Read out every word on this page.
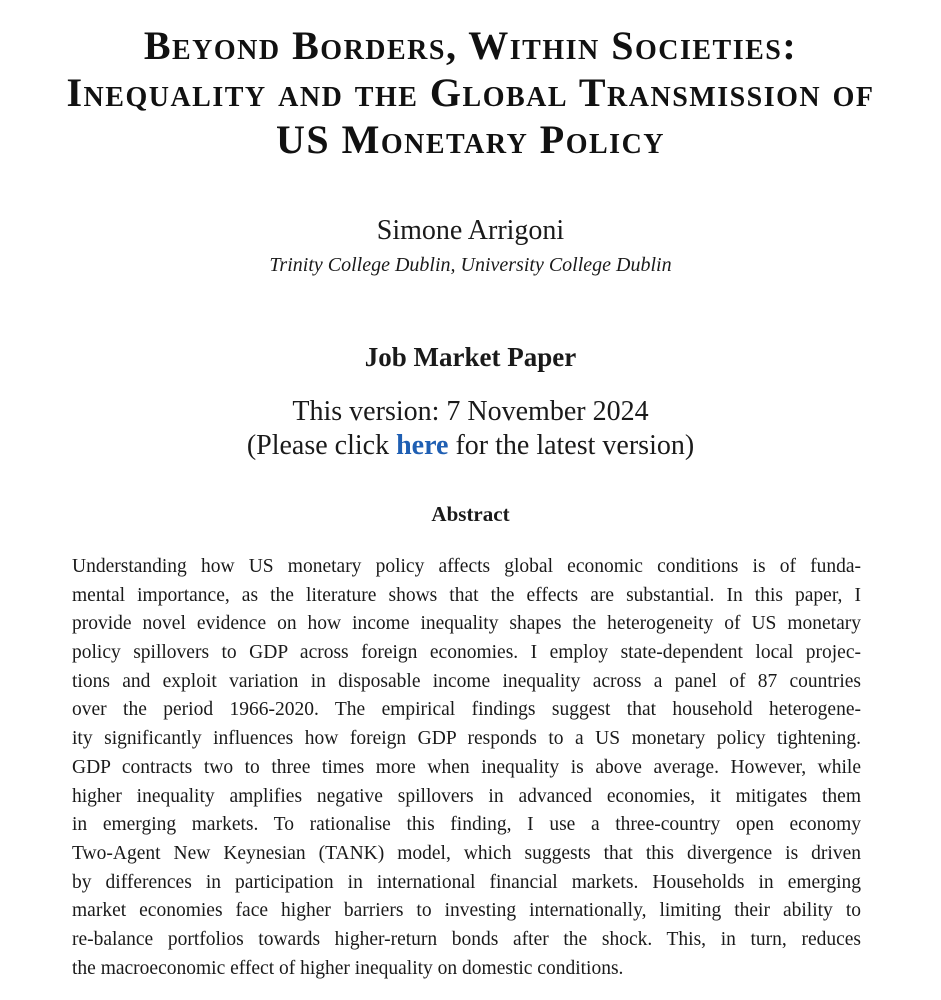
Beyond Borders, Within Societies:
Inequality and the Global Transmission of
US Monetary Policy
Simone Arrigoni
Trinity College Dublin, University College Dublin
Job Market Paper
This version: 7 November 2024
(Please click here for the latest version)
Abstract
Understanding how US monetary policy affects global economic conditions is of funda-
mental importance, as the literature shows that the effects are substantial. In this paper, I
provide novel evidence on how income inequality shapes the heterogeneity of US monetary
policy spillovers to GDP across foreign economies. I employ state-dependent local projec-
tions and exploit variation in disposable income inequality across a panel of 87 countries
over the period 1966-2020. The empirical findings suggest that household heterogene-
ity significantly influences how foreign GDP responds to a US monetary policy tightening.
GDP contracts two to three times more when inequality is above average. However, while
higher inequality amplifies negative spillovers in advanced economies, it mitigates them
in emerging markets. To rationalise this finding, I use a three-country open economy
Two-Agent New Keynesian (TANK) model, which suggests that this divergence is driven
by differences in participation in international financial markets. Households in emerging
market economies face higher barriers to investing internationally, limiting their ability to
re-balance portfolios towards higher-return bonds after the shock. This, in turn, reduces
the macroeconomic effect of higher inequality on domestic conditions.
